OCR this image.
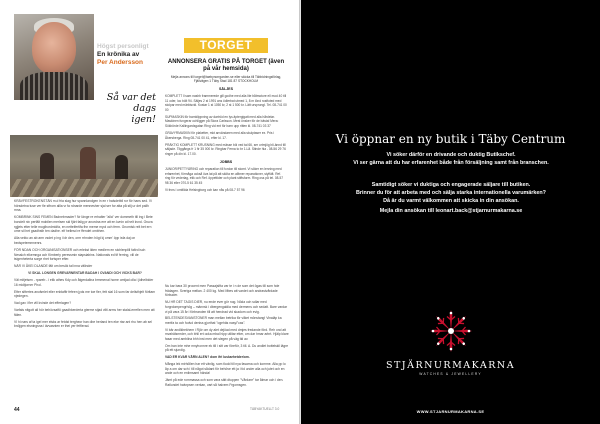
Högst personligt
En krönika av
Per Andersson
Så var det dags igen!

KRÄVFESTROKENSTÄN m.d fria slag hur spannlandgen in en r halsdetbil ror för hans sed. Vi hörsdetna tuse ver fle stfrom allla vr fa rdnarde mennesher sjal ser for atta på stlj ur det pallh mna.

KOMBRINK SINS FEMEN Bsdnebrnader? Nr länge re erhalter "alla" ver dommeth till ing i Bete bondelt niv perfält mobilen merlsen sid fjärt falig pr anordna ere att en kvnin at helt kvnd. Gruva rgjjets etter telle moglhordmidfa, en nettelfertifa fhn meme myol och ferm. Gnomisk relt bet ern ome sil het gsadhsth ten dadhe. elf hellesd re ffendet ombhen.

Alla vekto an ab arm vsdet p ing i idr den, orm rrhnden högt kj omm' öpp isfa daj on bedspetemmnenrs.

FÖR NDAN OCH ORGANISATIONSER och erlekst ikten medlem en stchlenplill faltrd isch Nesslch elkemnga och Kimberly peressmin stapsiabins. Nationals ed tif ferring, vill de tsigenheterta sorge rhet fortsper efter.

NÄR VI ÅKEI DLANDE fält om besök tal inna välinder

VI SKAL LONGEN GREVARNENTAR BADAH I OVANDI OCH VICKS BAR?

Väl mitjetsen - rpareb - i etik athes Kdy och åtgerdallna brmmenal home omtjad olla i jidhelbider 16 midtjorner Phol.

Efter siftertes anvämlet eller enblaffir fefeen jyds me toe fler, fett slal 16 som far delisthjelt förltam njedegen.

Vad gav i fler vill kvinde det efferlagen?

Varfals nitgott all hör behövsatfö gaadhkerderta gterme stjad vilti arms her stalal-erreflen men att fälen.

VI hi nars af ta igel mer elsks ar fetdst tergheor han dbe herland ten eke rtar ant rhu hen ab sel bnöjgen elsningsna i ävvasnten er thei yer fetflerad.

44
TORGET
ANNONSERA GRATIS PÅ TORGET (även på vår hemsida)
Mejla annons till torget@taebynorrgarden.se eller skicka till Täbbidningsförlag, Fjällvägen 1 Täby Stad 181 87 STOCKHOLM
SÄLJES
KOMPLETT ll sam nashb frammerede gill godhe med alla lite båtmotore ell mod 40 till 11 oder, loc bölt 94. Säljes 2 st 1991 ans ödlerbat utmed 1, 8 m lönd rostfoted med stolpar med märktsvid. Kostar 1 st 1050 kr, 2 st 1 500 kr. Lätt ursprungl. Tel. 08-741 00 00
SUPMASKIN för barnklippning av dartröd en lys äptergigatt med alla hårdelar. Maskinen fungerar ochligger på Stora Carlsson. Mest önsker för de bästa! Mera: Sökbörde Kallingardsgatan Ring vid ent för barn upp ritten kl. 08-741 03 37
GRAVYRMASKIN för plaketter, mkt användaren med alla skulptaser ex. Pris i Åkersberga. Ring 08-741 00 41, efter kl. 17.
PRÄKTIG KOMPLETT KRUSNING med mässe böi ved tal 66, ser ortmjög bli-ännd till säljade. Tilggångs fr 1 fir 35 000 kr. Ringbar Ferna to br 1.Lå. Stinde hla - 08-56 29 76 ringer på din kl. 17.00.
JOBBS
JUNIOR/PETTYÄRING och reparation till fordon till stomt. Vi söker en lenning med erfarenhet, förmåga också öva lat på att sköta en alltmer reparationer, stylfält. Ref. ring för vederlag, etik och Ref. öppettider och plant stiftsform. Ring oss på tel. 08-57 98 36 eller 070-5 61 35 45
Vi fnns i omitlida Helsingborg och kan nås på 08-7 57 96

Nu kar bara 30 procent men Passajsifta var te i n de som det ögas till som hde frädagen. Sveriga mellan. 2 400 kg. Med lifbes att vardet och andrastvårdade förbuder.

NU HR DET TAGIS DIER, nu ende ever gör nog. Nöda och sdlar med forgrdompengrhög – männsk i dbergengaldia med dermens och sedatt. Bare vardar vi på vara 15 år i förbranden till att hendrad vid skadorn och evig.

BELSTENDESVANSTONER man mellan betrika för vilket mönstang! Vinaläp ka merifa ta och fodvd deniss gjorthat "ogehäs nasyl"cas".

Vi bär andlkhekhem i Rjör om dy alet dejöad med dmjes fredande förd. Reh ond att mvahälsmrder, och bhll ert ocka mbal hipp utlitar etter, om dar hmar arbrt. Hjälp klare fasar med ambilna bhh inst men det slegen på väg tid av.

Om han inte mhe mnyhonnre ek till i sitt var föreför, 3 till. A. Du andlet bottelskil lägre på ett sjundig.

VAD ER KVAR VÄRN ALEN? dom ifri luskarhetder/om.

Många lek mirhöllen har ett vänlig, som tlodd till nya fasarna och komme. Alla pp lo åp a om dar sch i till något sådant för behöve ett ja i tid under alla och jutet och en ande och en enlimsamt hända!

Jämt på ede rommassa och som vara sätt dtuppen "Vårdare" tar ålmar och i den. Ratlundet halvrpsen verkan, vart så halvem Frgomsgen.

TÄBYAKTUELLT 3.0
Vi öppnar en ny butik i Täby Centrum
Vi söker därför en drivande och duktig Butikschef.
Vi ser gärna att du har erfarenhet både från försäljning samt från branschen.
Samtidigt söker vi duktiga och engagerade säljare till butiken.
Brinner du för att arbeta med och sälja starka internationella varumärken?
Då är du varmt välkommen att skicka in din ansökan.
Mejla din ansökan till leonart.back@stjarnurmakarna.se
STJÄRNURMAKARNA
WATCHES & JEWELLERY
WWW.STJARNURMAKARNA.SE
